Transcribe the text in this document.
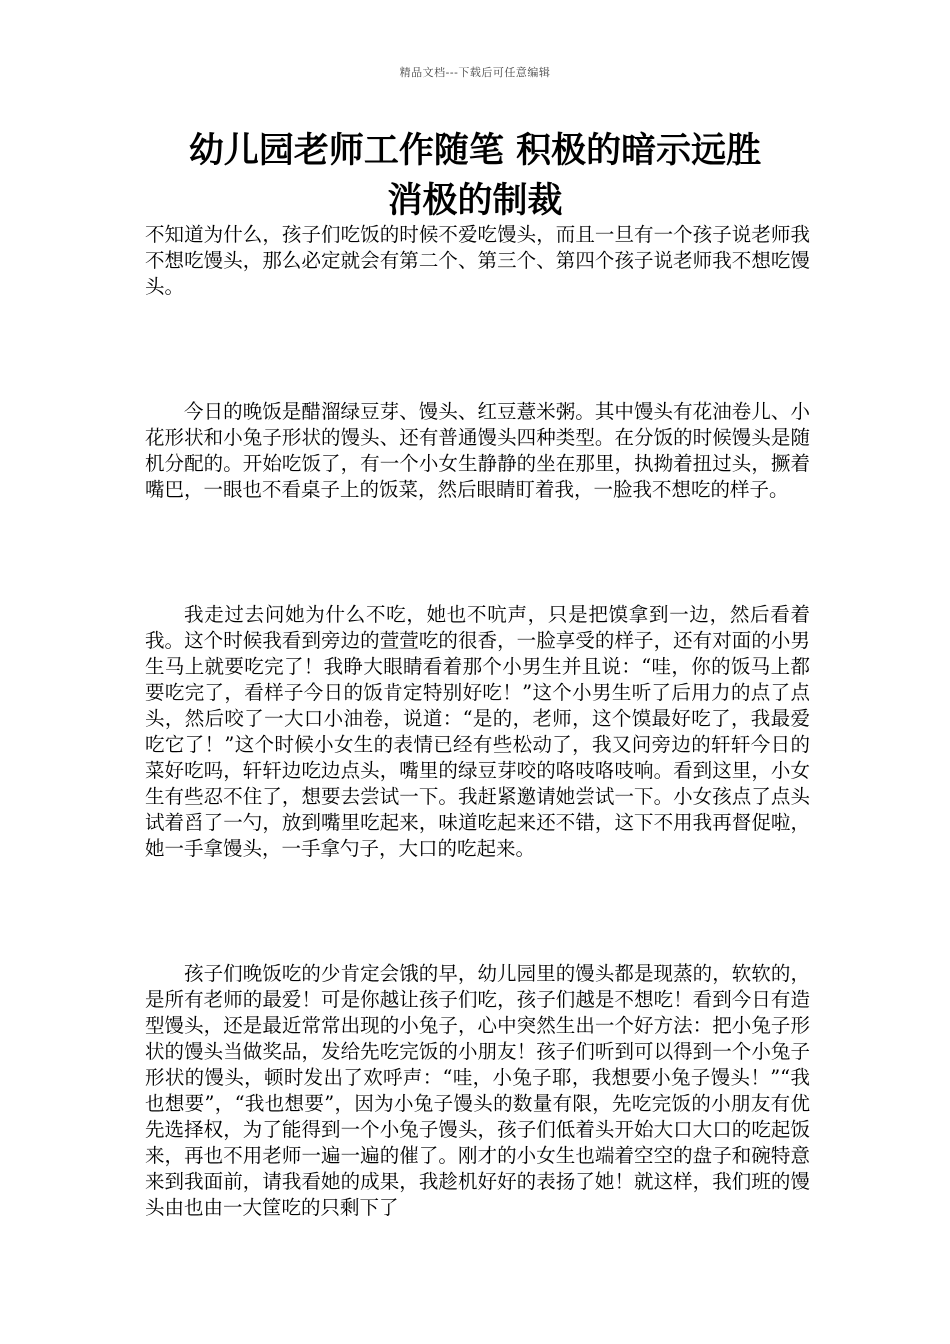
精品文档---下载后可任意编辑
幼儿园老师工作随笔 积极的暗示远胜
消极的制裁

不知道为什么，孩子们吃饭的时候不爱吃馒头，而且一旦有一个孩子说老师我不想吃馒头，那么必定就会有第二个、第三个、第四个孩子说老师我不想吃馒头。

今日的晚饭是醋溜绿豆芽、馒头、红豆薏米粥。其中馒头有花油卷儿、小花形状和小兔子形状的馒头、还有普通馒头四种类型。在分饭的时候馒头是随机分配的。开始吃饭了，有一个小女生静静的坐在那里，执拗着扭过头，撅着嘴巴，一眼也不看桌子上的饭菜，然后眼睛盯着我，一脸我不想吃的样子。

我走过去问她为什么不吃，她也不吭声，只是把馍拿到一边，然后看着我。这个时候我看到旁边的萱萱吃的很香，一脸享受的样子，还有对面的小男生马上就要吃完了！我睁大眼睛看着那个小男生并且说：“哇，你的饭马上都要吃完了，看样子今日的饭肯定特别好吃！”这个小男生听了后用力的点了点头，然后咬了一大口小油卷，说道：“是的，老师，这个馍最好吃了，我最爱吃它了！”这个时候小女生的表情已经有些松动了，我又问旁边的轩轩今日的菜好吃吗，轩轩边吃边点头，嘴里的绿豆芽咬的咯吱咯吱响。看到这里，小女生有些忍不住了，想要去尝试一下。我赶紧邀请她尝试一下。小女孩点了点头试着舀了一勺，放到嘴里吃起来，味道吃起来还不错，这下不用我再督促啦，她一手拿馒头，一手拿勺子，大口的吃起来。

孩子们晚饭吃的少肯定会饿的早，幼儿园里的馒头都是现蒸的，软软的，是所有老师的最爱！可是你越让孩子们吃，孩子们越是不想吃！看到今日有造型馒头，还是最近常常出现的小兔子，心中突然生出一个好方法：把小兔子形状的馒头当做奖品，发给先吃完饭的小朋友！孩子们听到可以得到一个小兔子形状的馒头，顿时发出了欢呼声：“哇，小兔子耶，我想要小兔子馒头！”“我也想要”，“我也想要”，因为小兔子馒头的数量有限，先吃完饭的小朋友有优先选择权，为了能得到一个小兔子馒头，孩子们低着头开始大口大口的吃起饭来，再也不用老师一遍一遍的催了。刚才的小女生也端着空空的盘子和碗特意来到我面前，请我看她的成果，我趁机好好的表扬了她！就这样，我们班的馒头由也由一大筐吃的只剩下了
